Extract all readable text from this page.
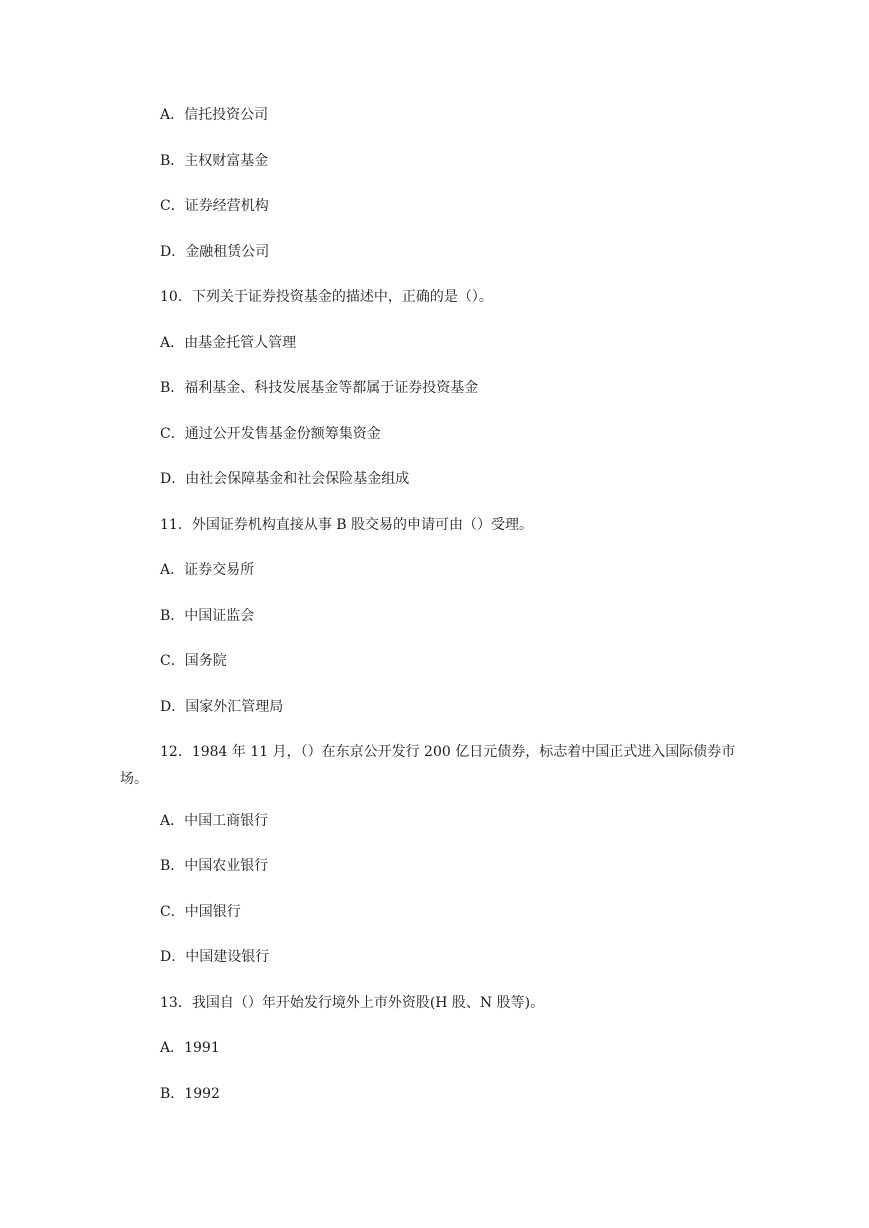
A．信托投资公司
B．主权财富基金
C．证券经营机构
D．金融租赁公司
10．下列关于证券投资基金的描述中，正确的是（）。
A．由基金托管人管理
B．福利基金、科技发展基金等都属于证券投资基金
C．通过公开发售基金份额筹集资金
D．由社会保障基金和社会保险基金组成
11．外国证券机构直接从事 B 股交易的申请可由（）受理。
A．证券交易所
B．中国证监会
C．国务院
D．国家外汇管理局
12．1984 年 11 月，（）在东京公开发行 200 亿日元债券，标志着中国正式进入国际债券市场。
A．中国工商银行
B．中国农业银行
C．中国银行
D．中国建设银行
13．我国自（）年开始发行境外上市外资股(H 股、N 股等)。
A．1991
B．1992
